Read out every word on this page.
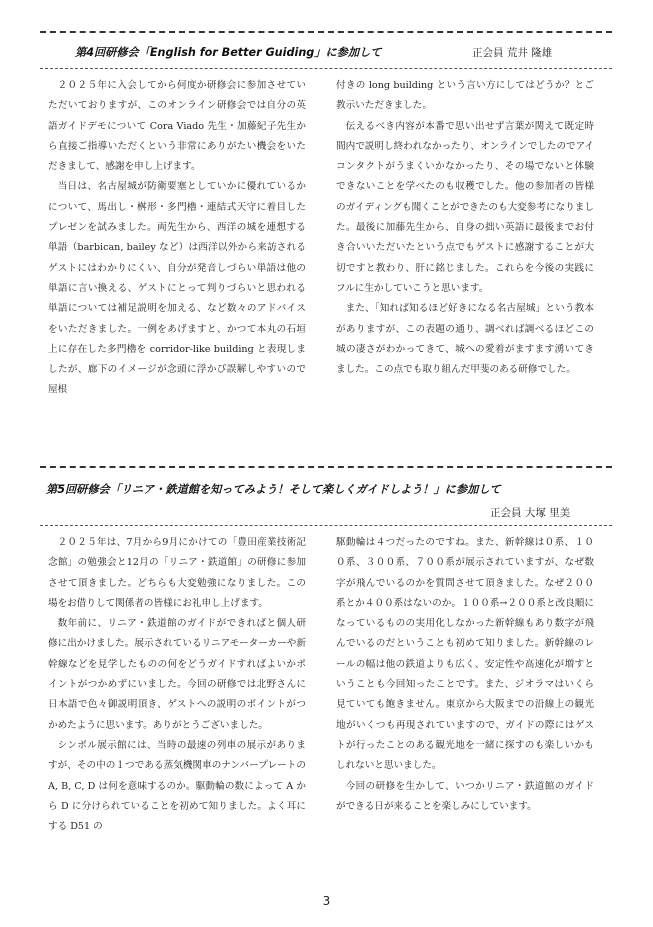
第4回研修会「English for Better Guiding」に参加して	正会員 荒井 隆雄

２０２５年に入会してから何度か研修会に参加させていただいておりますが、このオンライン研修会では自分の英語ガイドデモについて Cora Viado 先生・加藤紀子先生から直接ご指導いただくという非常にありがたい機会をいただきまして、感謝を申し上げます。

当日は、名古屋城が防衛要塞としていかに優れているかについて、馬出し・桝形・多門櫓・連結式天守に着目したプレゼンを試みました。両先生から、西洋の城を連想する単語（barbican, bailey など）は西洋以外から来訪されるゲストにはわかりにくい、自分が発音しづらい単語は他の単語に言い換える、ゲストにとって判りづらいと思われる単語については補足説明を加える、など数々のアドバイスをいただきました。一例をあげますと、かつて本丸の石垣上に存在した多門櫓を corridor-like building と表現しましたが、廊下のイメージが念頭に浮かび誤解しやすいので屋根

付きの long building という言い方にしてはどうか？とご教示いただきました。

伝えるべき内容が本番で思い出せず言葉が関えて既定時間内で説明し終われなかったり、オンラインでしたのでアイコンタクトがうまくいかなかったり、その場でないと体験できないことを学べたのも収穫でした。他の参加者の皆様のガイディングも聞くことができたのも大変参考になりました。最後に加藤先生から、自身の拙い英語に最後までお付き合いいただいたという点でもゲストに感謝することが大切ですと教わり、肝に銘じました。これらを今後の実践にフルに生かしていこうと思います。

また、「知れば知るほど好きになる名古屋城」という教本がありますが、この表題の通り、調べれば調べるほどこの城の凄さがわかってきて、城への愛着がますます湧いてきました。この点でも取り組んだ甲斐のある研修でした。

第5回研修会「リニア・鉄道館を知ってみよう！そして楽しくガイドしよう！」に参加して
正会員 大塚 里美

２０２５年は、7月から9月にかけての「豊田産業技術記念館」の勉強会と12月の「リニア・鉄道館」の研修に参加させて頂きました。どちらも大変勉強になりました。この場をお借りして関係者の皆様にお礼申し上げます。

数年前に、リニア・鉄道館のガイドができればと個人研修に出かけました。展示されているリニアモーターカーや新幹線などを見学したものの何をどうガイドすればよいかポイントがつかめずにいました。今回の研修では北野さんに日本語で色々御説明頂き、ゲストへの説明のポイントがつかめたように思います。ありがとうございました。

シンボル展示館には、当時の最速の列車の展示がありますが、その中の１つである蒸気機関車のナンバープレートの A, B, C, D は何を意味するのか。駆動輪の数によって A から D に分けられていることを初めて知りました。よく耳にする D51 の

駆動輪は４つだったのですね。また、新幹線は０系、１００系、３００系、７００系が展示されていますが、なぜ数字が飛んでいるのかを質問させて頂きました。なぜ２００系とか４００系はないのか。１００系→２００系と改良順になっているものの実用化しなかった新幹線もあり数字が飛んでいるのだということも初めて知りました。新幹線のレールの幅は他の鉄道よりも広く、安定性や高速化が増すということも今回知ったことです。また、ジオラマはいくら見ていても飽きません。東京から大阪までの沿線上の観光地がいくつも再現されていますので、ガイドの際にはゲストが行ったことのある観光地を一緒に探すのも楽しいかもしれないと思いました。

今回の研修を生かして、いつかリニア・鉄道館のガイドができる日が来ることを楽しみにしています。

3
